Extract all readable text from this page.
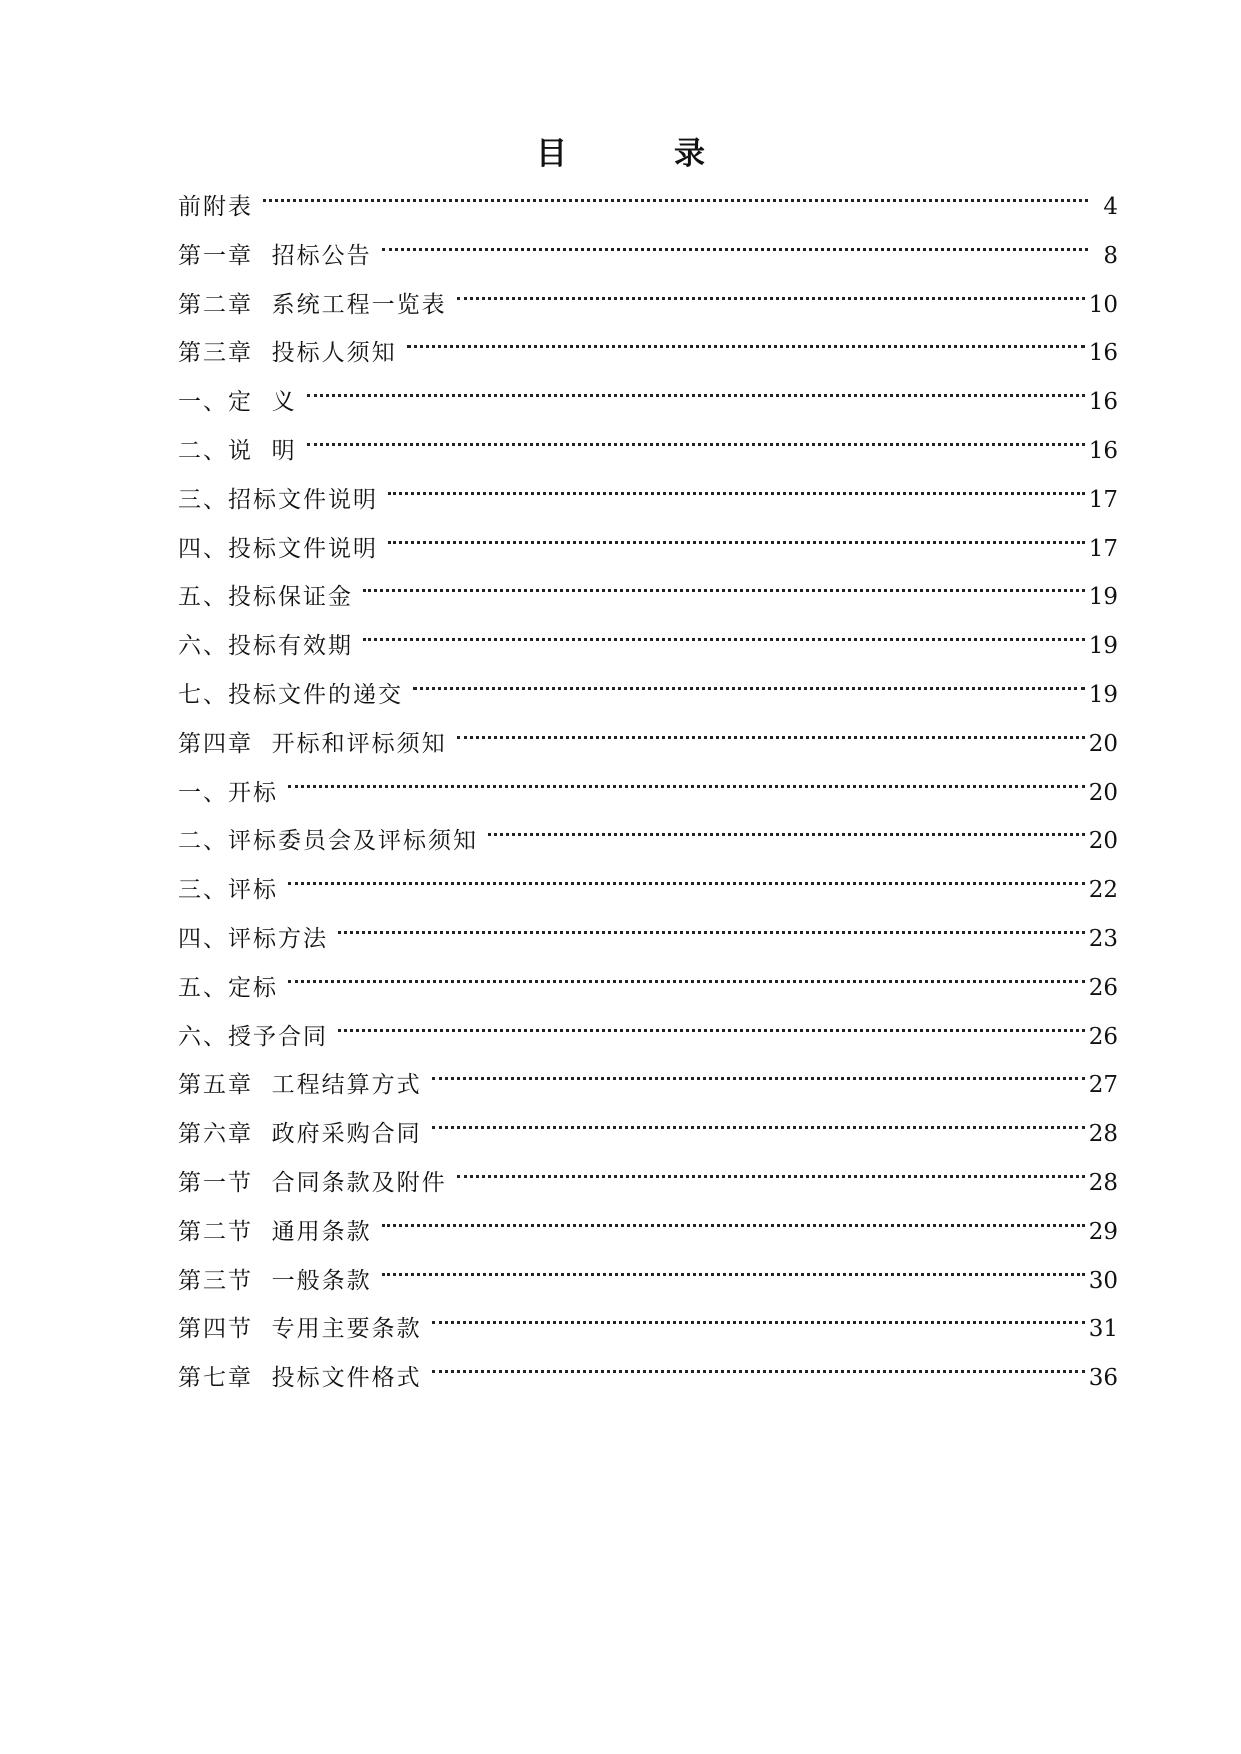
目　录
前附表	4
第一章  招标公告	8
第二章  系统工程一览表	10
第三章  投标人须知	16
一、定  义	16
二、说  明	16
三、招标文件说明	17
四、投标文件说明	17
五、投标保证金	19
六、投标有效期	19
七、投标文件的递交	19
第四章  开标和评标须知	20
一、开标	20
二、评标委员会及评标须知	20
三、评标	22
四、评标方法	23
五、定标	26
六、授予合同	26
第五章  工程结算方式	27
第六章  政府采购合同	28
第一节  合同条款及附件	28
第二节  通用条款	29
第三节  一般条款	30
第四节  专用主要条款	31
第七章  投标文件格式	36
